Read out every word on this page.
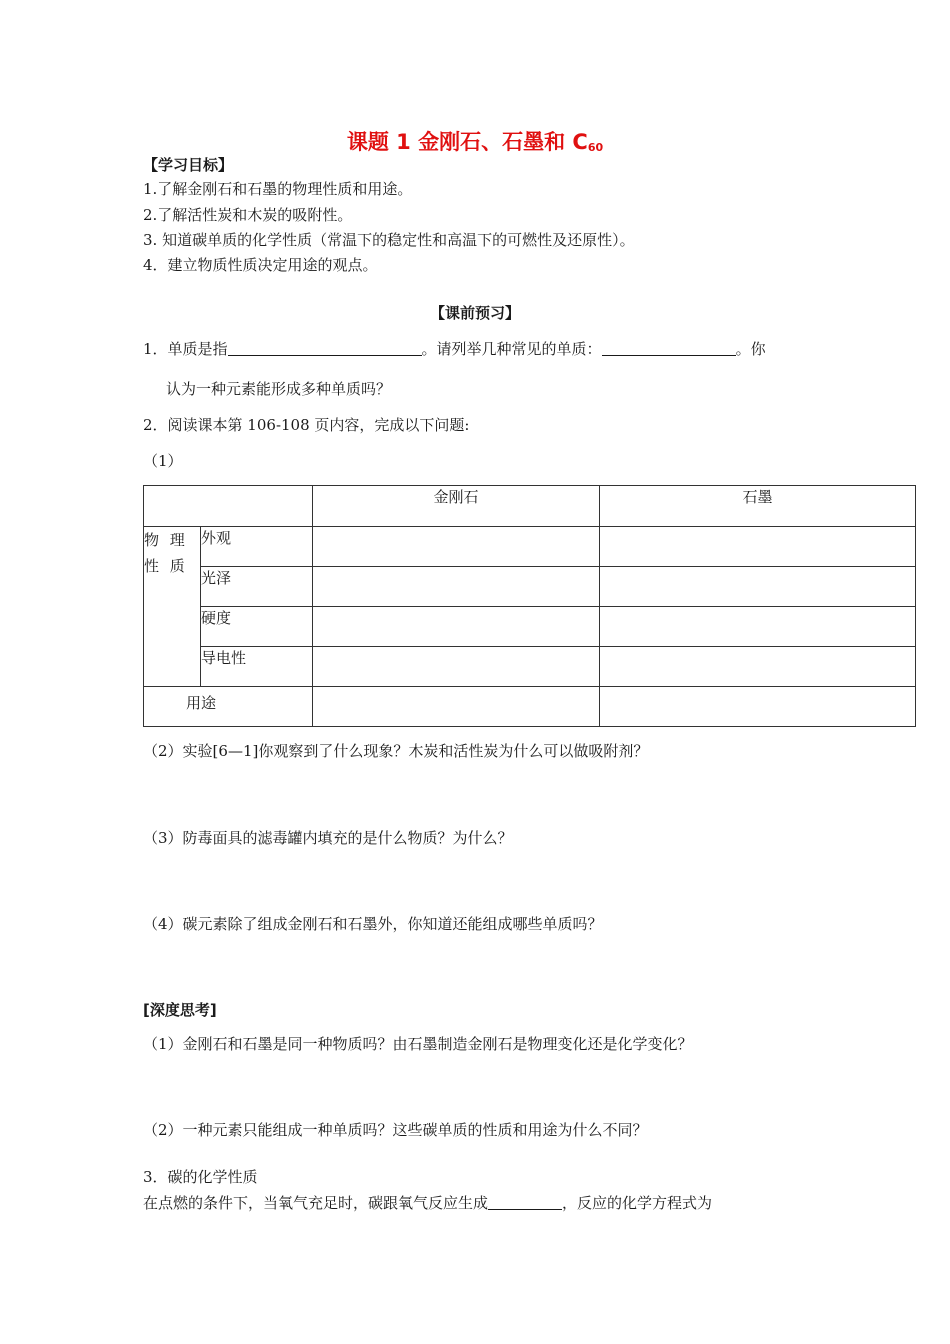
课题 1 金刚石、石墨和 $C_{60}$
【学习目标】
1.了解金刚石和石墨的物理性质和用途。
2.了解活性炭和木炭的吸附性。
3. 知道碳单质的化学性质（常温下的稳定性和高温下的可燃性及还原性）。
4．建立物质性质决定用途的观点。
【课前预习】
1．单质是指	。请列举几种常见的单质：	。你
认为一种元素能形成多种单质吗？
2．阅读课本第 106-108 页内容，完成以下问题:
（1）
		金刚石	石墨
物 理 性 质	外观		
	光泽		
	硬度		
	导电性		
用途			
（2）实验[6—1]你观察到了什么现象？木炭和活性炭为什么可以做吸附剂？
（3）防毒面具的滤毒罐内填充的是什么物质？为什么？
（4）碳元素除了组成金刚石和石墨外，你知道还能组成哪些单质吗？
[深度思考]
（1）金刚石和石墨是同一种物质吗？由石墨制造金刚石是物理变化还是化学变化？
（2）一种元素只能组成一种单质吗？这些碳单质的性质和用途为什么不同？
3．碳的化学性质
在点燃的条件下，当氧气充足时，碳跟氧气反应生成	，反应的化学方程式为
